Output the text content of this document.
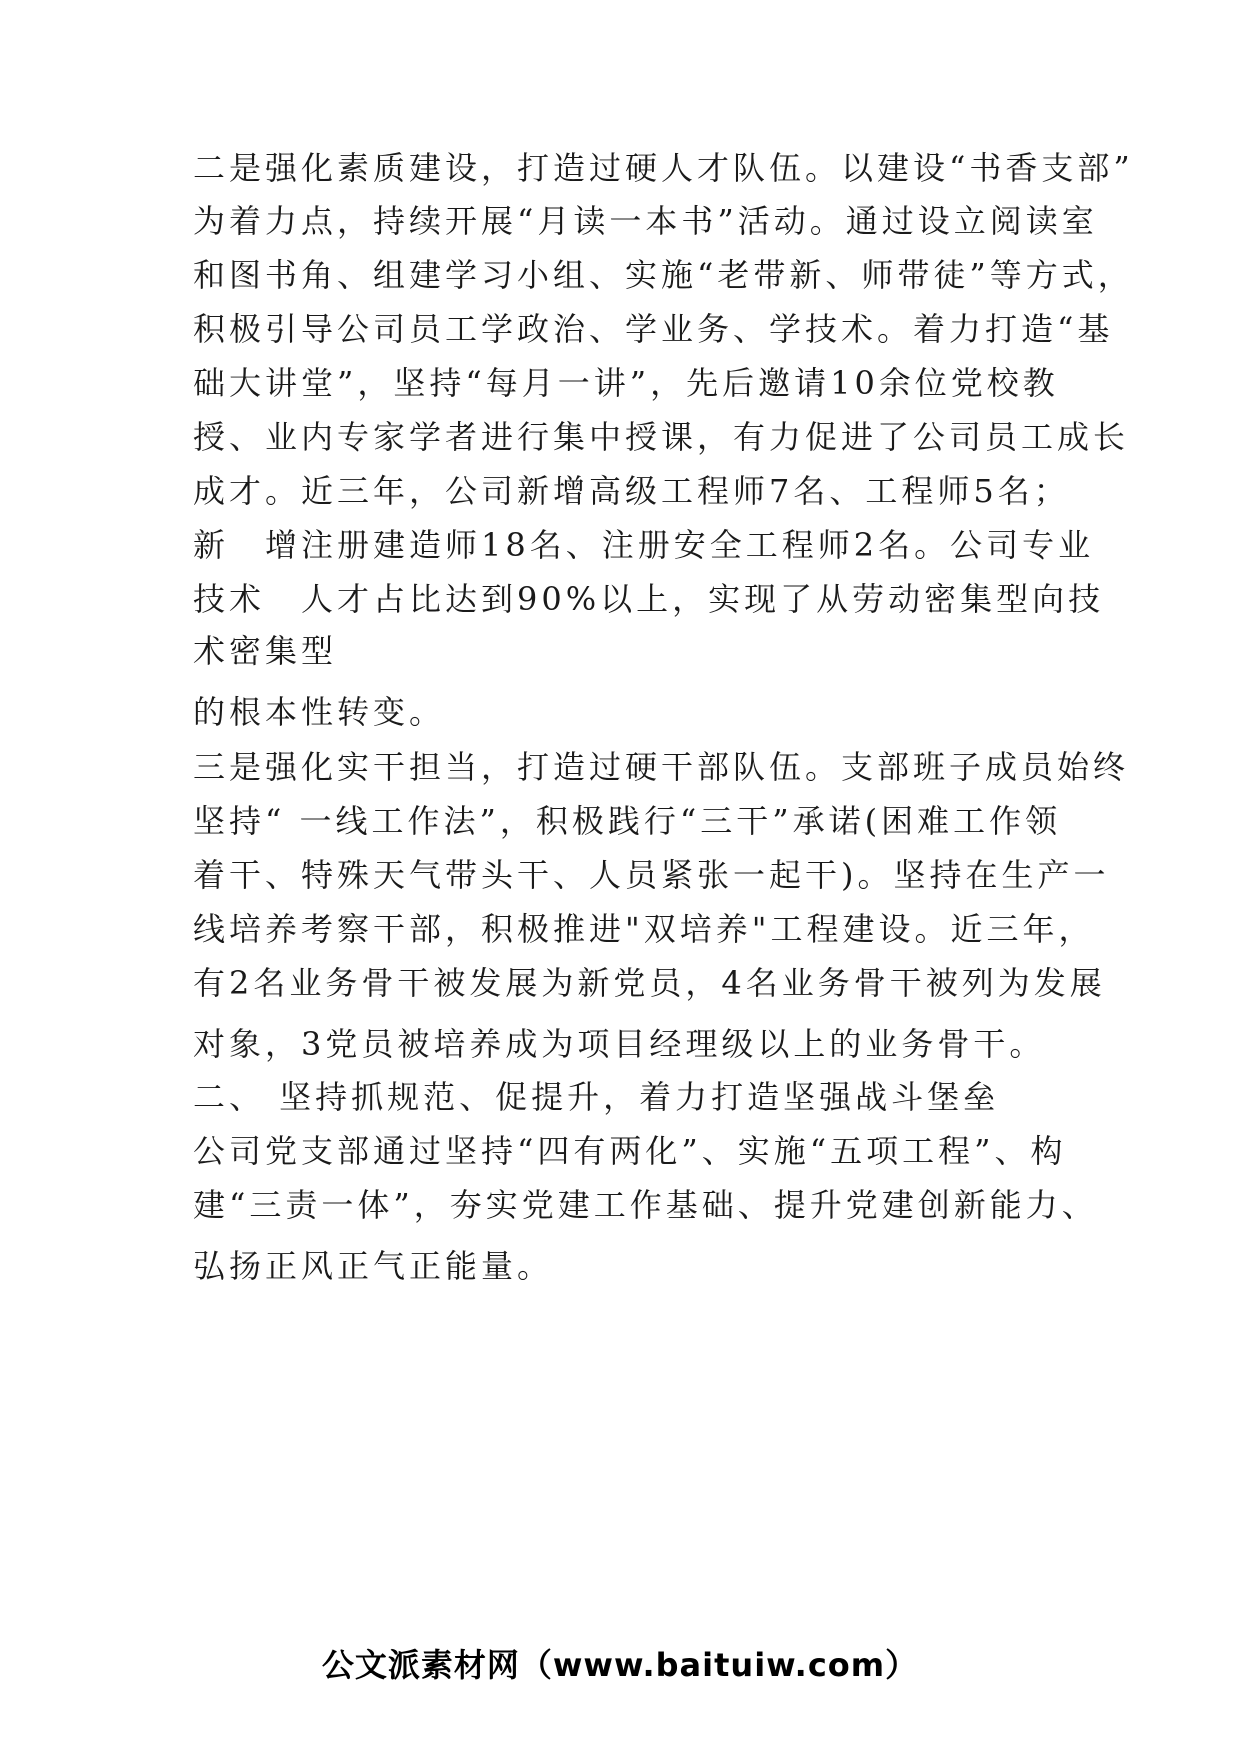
二是强化素质建设，打造过硬人才队伍。以建设“书香支部”
为着力点，持续开展“月读一本书”活动。通过设立阅读室
和图书角、组建学习小组、实施“老带新、师带徒”等方式，
积极引导公司员工学政治、学业务、学技术。着力打造“基
础大讲堂”，坚持“每月一讲”，先后邀请10余位党校教
授、业内专家学者进行集中授课，有力促进了公司员工成长
成才。近三年，公司新增高级工程师7名、工程师5名；
新　增注册建造师18名、注册安全工程师2名。公司专业
技术　人才占比达到90%以上，实现了从劳动密集型向技
术密集型
的根本性转变。
三是强化实干担当，打造过硬干部队伍。支部班子成员始终
坚持“ 一线工作法”，积极践行“三干”承诺(困难工作领
着干、特殊天气带头干、人员紧张一起干)。坚持在生产一
线培养考察干部，积极推进"双培养"工程建设。近三年，
有2名业务骨干被发展为新党员，4名业务骨干被列为发展
对象，3党员被培养成为项目经理级以上的业务骨干。
二、 坚持抓规范、促提升，着力打造坚强战斗堡垒
公司党支部通过坚持“四有两化”、实施“五项工程”、构
建“三责一体”，夯实党建工作基础、提升党建创新能力、
弘扬正风正气正能量。
公文派素材网（www.baituiw.com）
